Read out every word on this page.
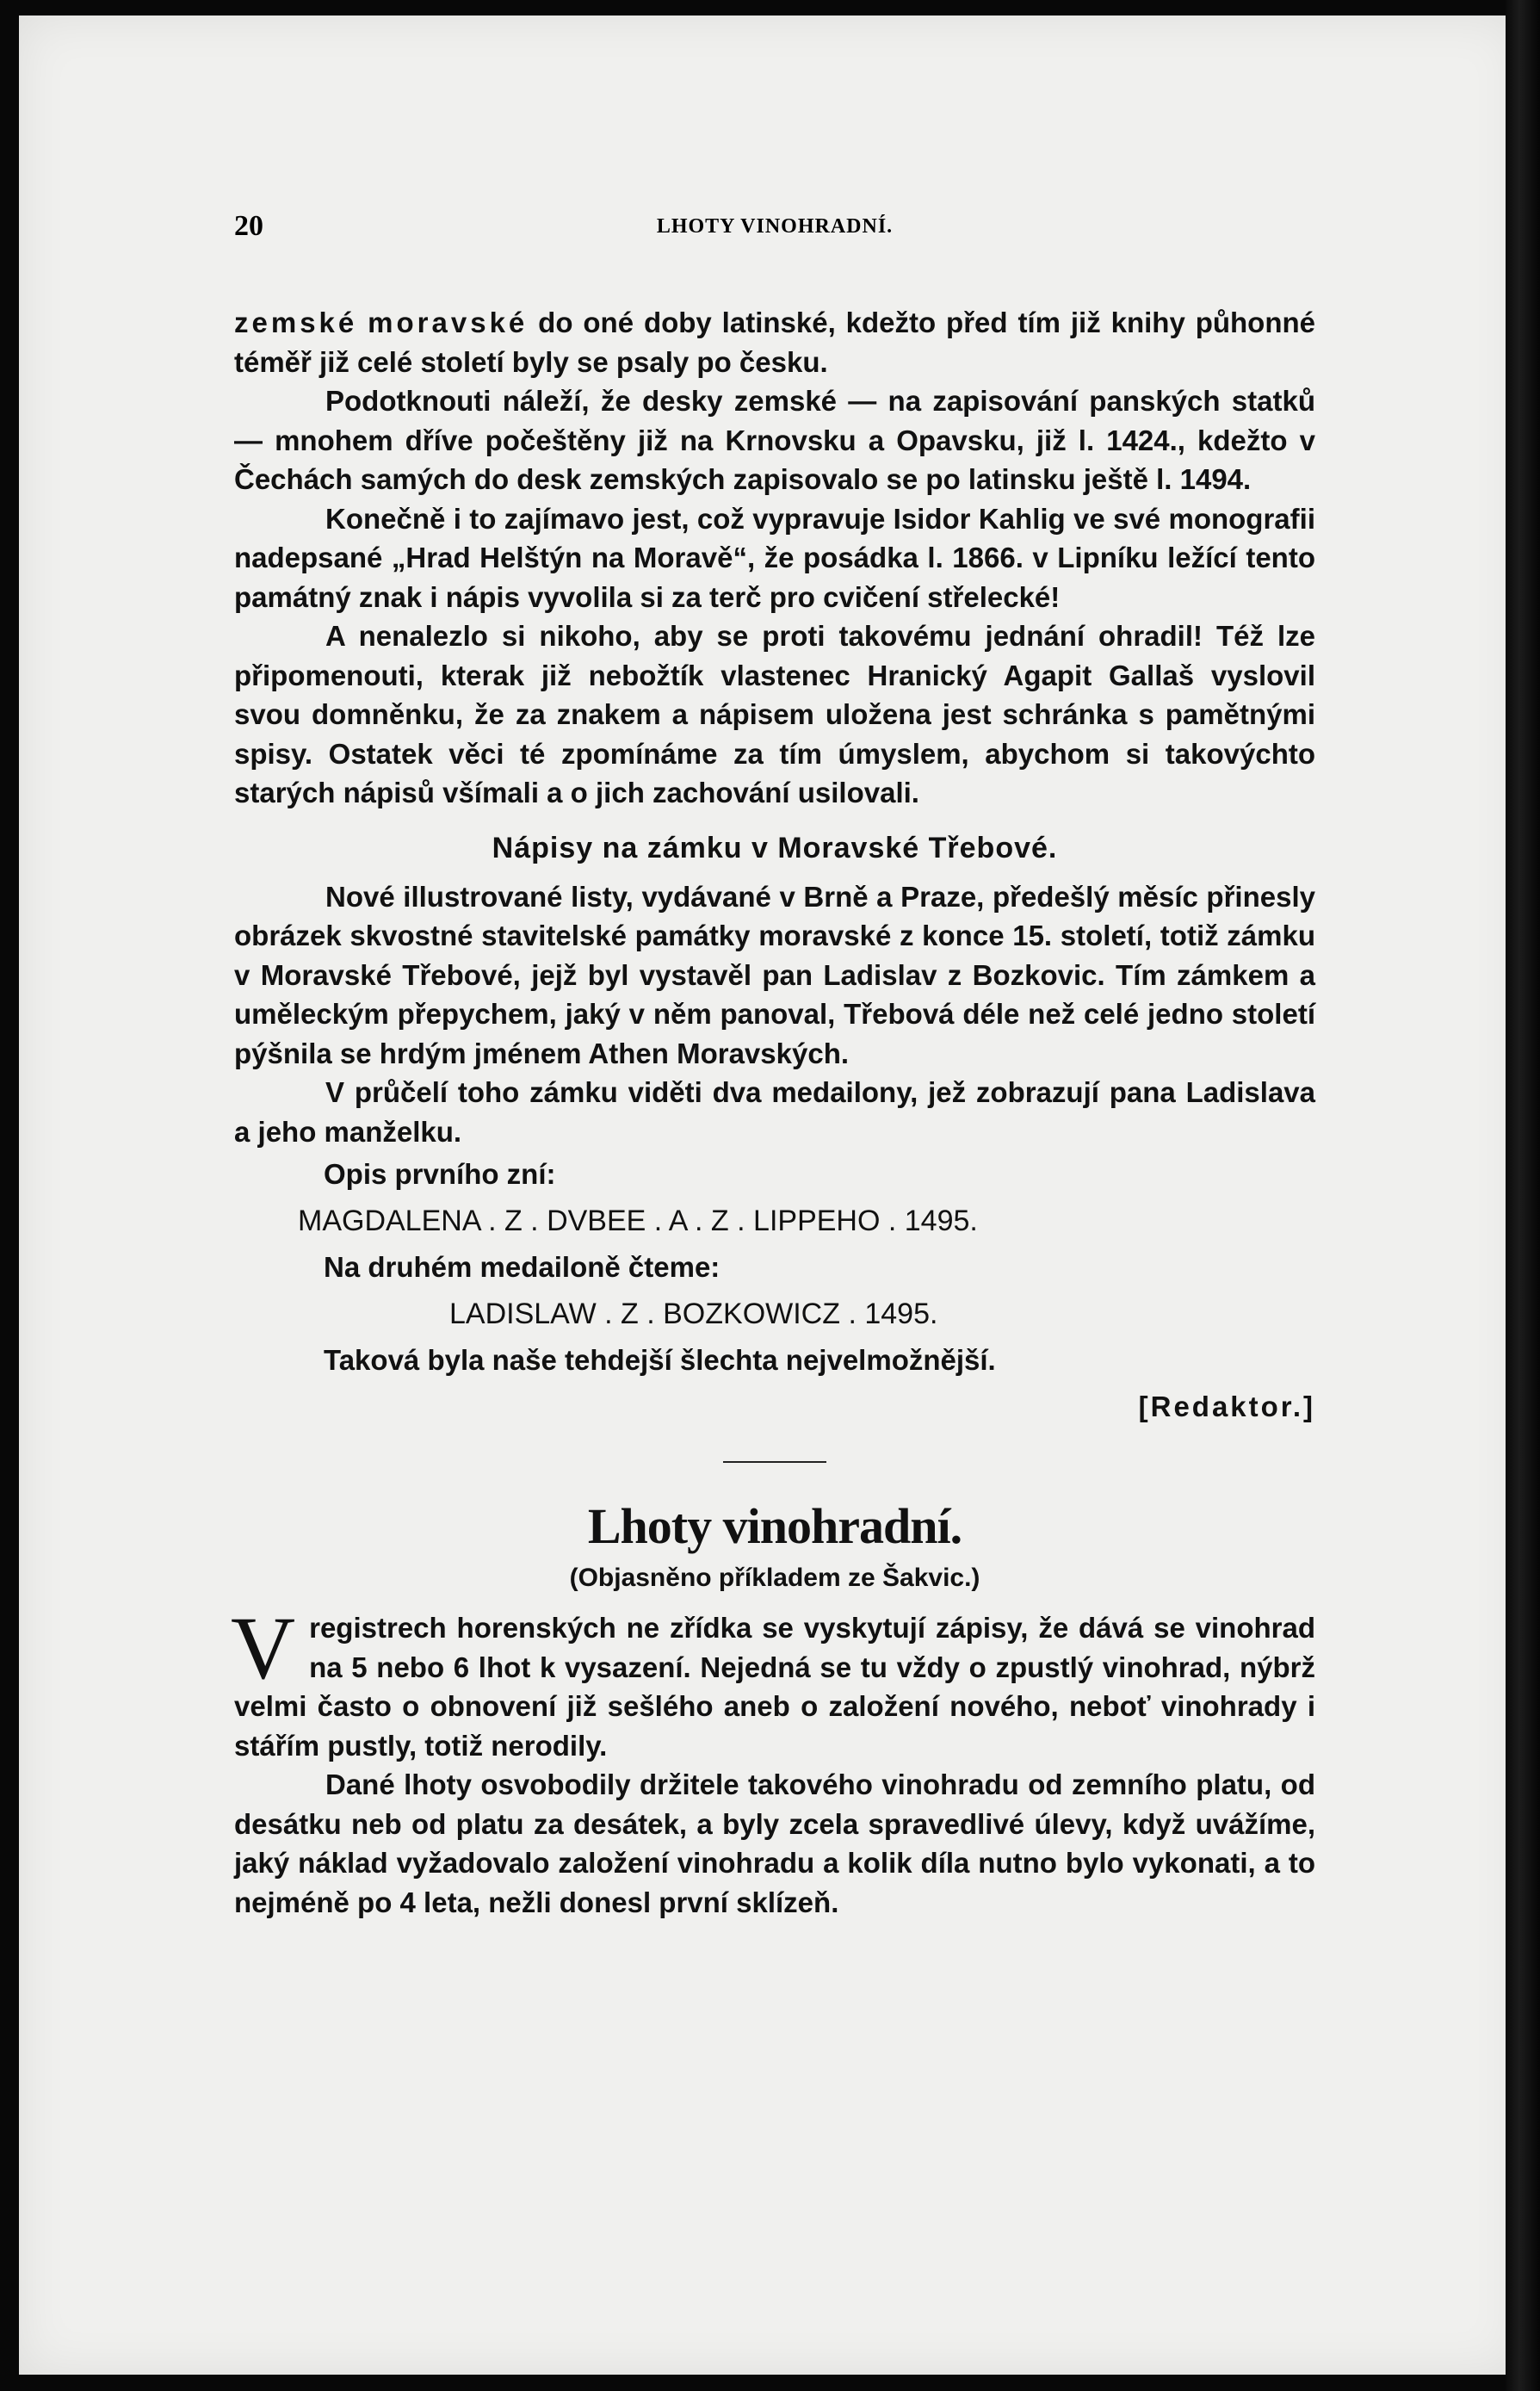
20	LHOTY VINOHRADNÍ.

zemské moravské do oné doby latinské, kdežto před tím již knihy půhonné téměř již celé století byly se psaly po česku.

Podotknouti náleží, že desky zemské — na zapisování panských statků — mnohem dříve počeštěny již na Krnovsku a Opavsku, již l. 1424., kdežto v Čechách samých do desk zemských zapisovalo se po latinsku ještě l. 1494.

Konečně i to zajímavo jest, což vypravuje Isidor Kahlig ve své monografii nadepsané „Hrad Helštýn na Moravě“, že posádka l. 1866. v Lipníku ležící tento památný znak i nápis vyvolila si za terč pro cvičení střelecké!

A nenalezlo si nikoho, aby se proti takovému jednání ohradil! Též lze připomenouti, kterak již nebožtík vlastenec Hranický Agapit Gallaš vyslovil svou domněnku, že za znakem a nápisem uložena jest schránka s pamětnými spisy. Ostatek věci té zpomínáme za tím úmyslem, abychom si takovýchto starých nápisů všímali a o jich zachování usilovali.

Nápisy na zámku v Moravské Třebové.

Nové illustrované listy, vydávané v Brně a Praze, předešlý měsíc přinesly obrázek skvostné stavitelské památky moravské z konce 15. století, totiž zámku v Moravské Třebové, jejž byl vystavěl pan Ladislav z Bozkovic. Tím zámkem a uměleckým přepychem, jaký v něm panoval, Třebová déle než celé jedno století pýšnila se hrdým jménem Athen Moravských.

V průčelí toho zámku viděti dva medailony, jež zobrazují pana Ladislava a jeho manželku.

Opis prvního zní:
MAGDALENA . Z . DVBEE . A . Z . LIPPEHO . 1495.
Na druhém medailoně čteme:
LADISLAW . Z . BOZKOWICZ . 1495.
Taková byla naše tehdejší šlechta nejvelmožnější.
[Redaktor.]
Lhoty vinohradní.
(Objasněno příkladem ze Šakvic.)

Vregistrech horenských ne zřídka se vyskytují zápisy, že dává se vinohrad na 5 nebo 6 lhot k vysazení. Nejedná se tu vždy o zpustlý vinohrad, nýbrž velmi často o obnovení již sešlého aneb o založení nového, neboť vinohrady i stářím pustly, totiž nerodily.

Dané lhoty osvobodily držitele takového vinohradu od zemního platu, od desátku neb od platu za desátek, a byly zcela spravedlivé úlevy, když uvážíme, jaký náklad vyžadovalo založení vinohradu a kolik díla nutno bylo vykonati, a to nejméně po 4 leta, nežli donesl první sklízeň.
